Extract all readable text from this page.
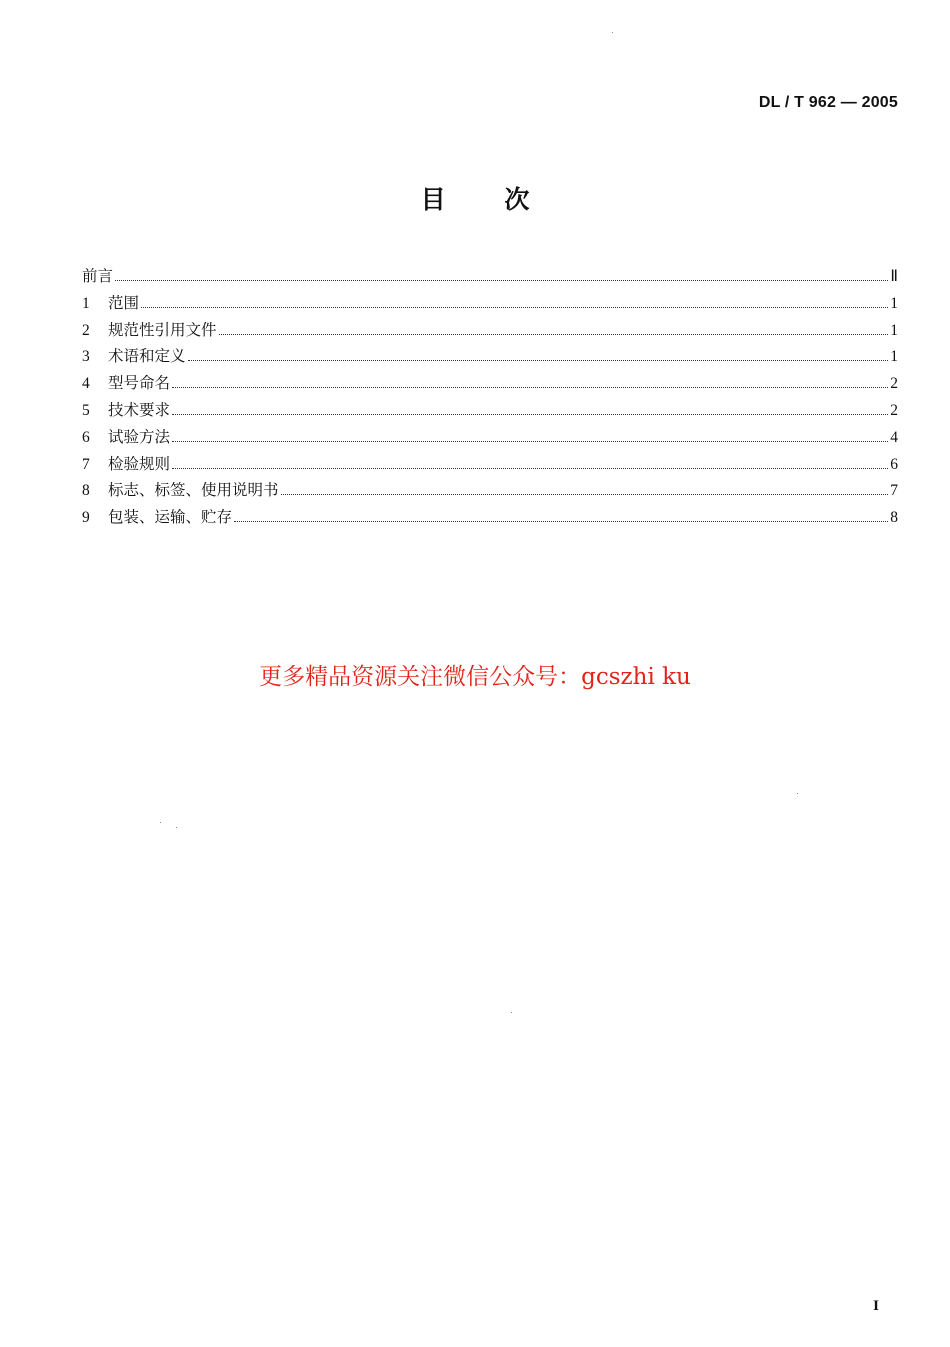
DL / T 962 — 2005
目 次
前言	Ⅱ
1	范围	1
2	规范性引用文件	1
3	术语和定义	1
4	型号命名	2
5	技术要求	2
6	试验方法	4
7	检验规则	6
8	标志、标签、使用说明书	7
9	包装、运输、贮存	8
更多精品资源关注微信公众号：gcszhi ku
I
